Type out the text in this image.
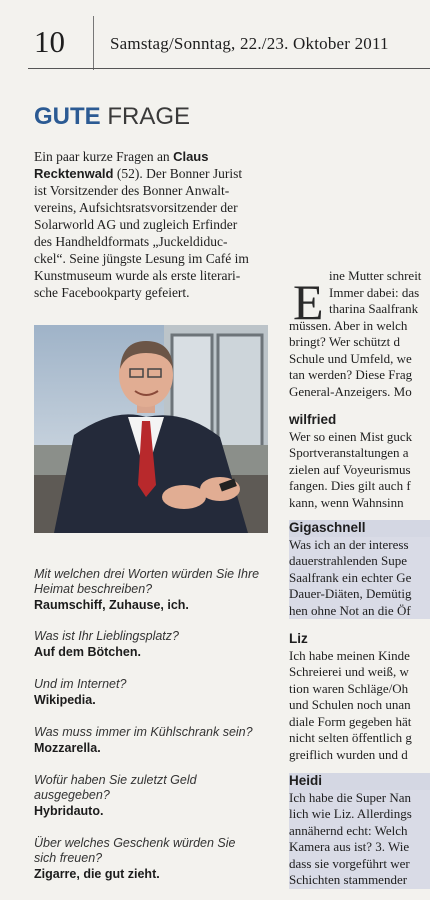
10	Samstag/Sonntag, 22./23. Oktober 2011
GUTE FRAGE
Ein paar kurze Fragen an Claus
Recktenwald (52). Der Bonner Jurist
ist Vorsitzender des Bonner Anwalt-
vereins, Aufsichtsratsvorsitzender der
Solarworld AG und zugleich Erfinder
des Handheldformats „Juckeldiduc-
ckel“. Seine jüngste Lesung im Café im
Kunstmuseum wurde als erste literari-
sche Facebookparty gefeiert.
Mit welchen drei Worten würden Sie Ihre
Heimat beschreiben?
Raumschiff, Zuhause, ich.
Was ist Ihr Lieblingsplatz?
Auf dem Bötchen.
Und im Internet?
Wikipedia.
Was muss immer im Kühlschrank sein?
Mozzarella.
Wofür haben Sie zuletzt Geld
ausgegeben?
Hybridauto.
Über welches Geschenk würden Sie
sich freuen?
Zigarre, die gut zieht.
E ine Mutter schreit
Immer dabei: das
tharina Saalfrank
müssen. Aber in welch
bringt? Wer schützt d
Schule und Umfeld, we
tan werden? Diese Frag
General-Anzeigers. Mo
wilfried
Wer so einen Mist guck
Sportveranstaltungen a
zielen auf Voyeurismus
fangen. Dies gilt auch f
kann, wenn Wahnsinn
Gigaschnell
Was ich an der interess
dauerstrahlenden Supe
Saalfrank ein echter Ge
Dauer-Diäten, Demütig
hen ohne Not an die Öf
Liz
Ich habe meinen Kinde
Schreierei und weiß, w
tion waren Schläge/Oh
und Schulen noch unan
diale Form gegeben hät
nicht selten öffentlich g
greiflich wurden und d
Heidi
Ich habe die Super Nan
lich wie Liz. Allerdings
annähernd echt: Welch
Kamera aus ist? 3. Wie
dass sie vorgeführt wer
Schichten stammender
